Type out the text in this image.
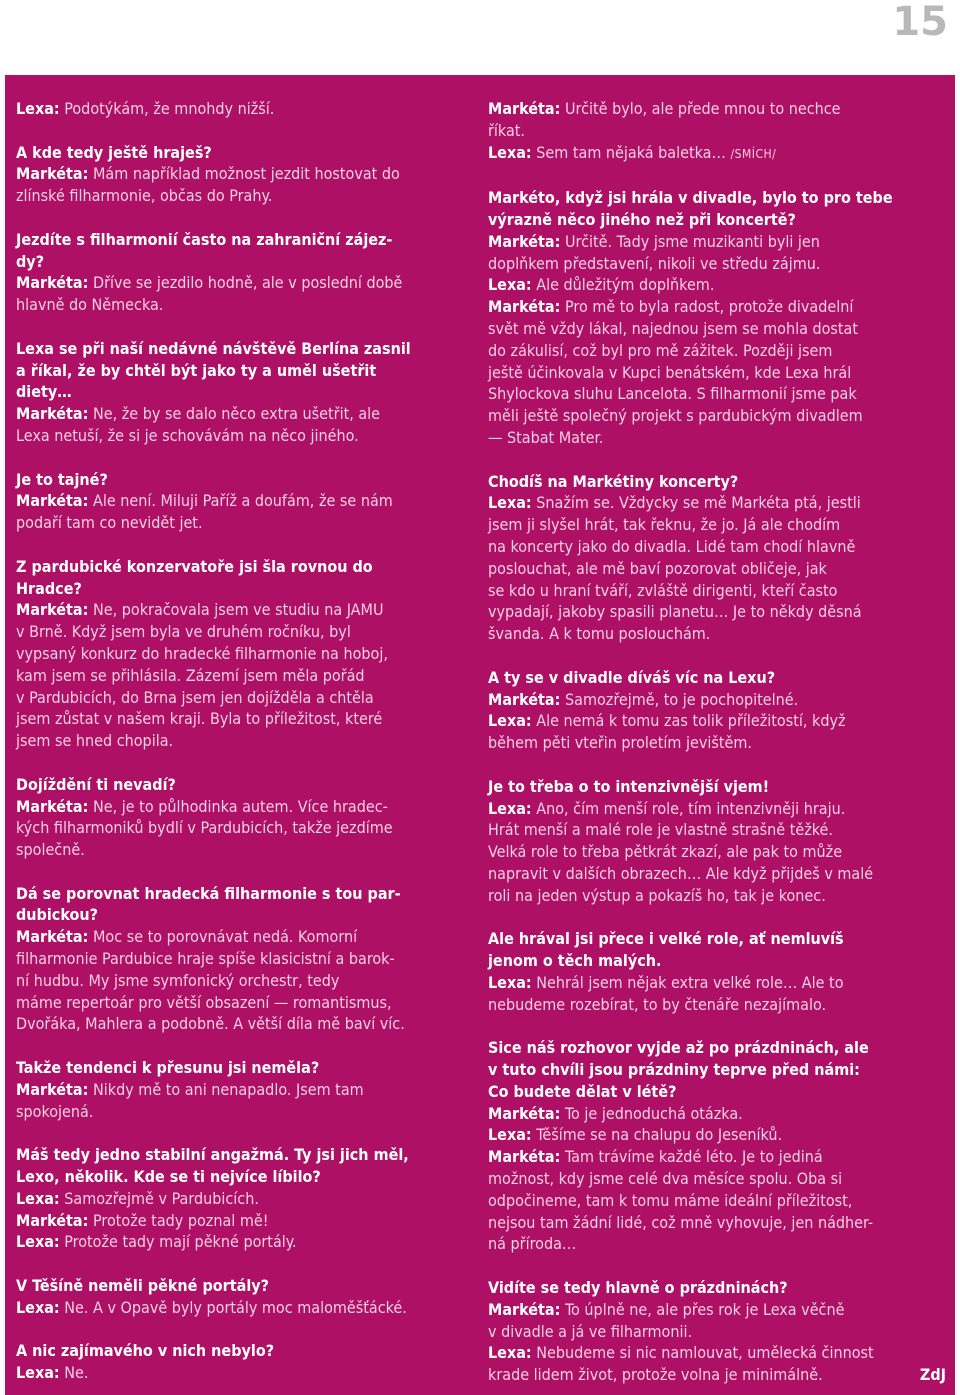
15
Lexa: Podotýkám, že mnohdy nižší.
A kde tedy ještě hraješ?
Markéta: Mám například možnost jezdit hostovat do
zlínské filharmonie, občas do Prahy.
Jezdíte s filharmonií často na zahraniční zájez-
dy?
Markéta: Dříve se jezdilo hodně, ale v poslední době
hlavně do Německa.
Lexa se při naší nedávné návštěvě Berlína zasnil
a říkal, že by chtěl být jako ty a uměl ušetřit
diety…
Markéta: Ne, že by se dalo něco extra ušetřit, ale
Lexa netuší, že si je schovávám na něco jiného.
Je to tajné?
Markéta: Ale není. Miluji Paříž a doufám, že se nám
podaří tam co nevidět jet.
Z pardubické konzervatoře jsi šla rovnou do
Hradce?
Markéta: Ne, pokračovala jsem ve studiu na JAMU
v Brně. Když jsem byla ve druhém ročníku, byl
vypsaný konkurz do hradecké filharmonie na hoboj,
kam jsem se přihlásila. Zázemí jsem měla pořád
v Pardubicích, do Brna jsem jen dojížděla a chtěla
jsem zůstat v našem kraji. Byla to příležitost, které
jsem se hned chopila.
Dojíždění ti nevadí?
Markéta: Ne, je to půlhodinka autem. Více hradec-
kých filharmoniků bydlí v Pardubicích, takže jezdíme
společně.
Dá se porovnat hradecká filharmonie s tou par-
dubickou?
Markéta: Moc se to porovnávat nedá. Komorní
filharmonie Pardubice hraje spíše klasicistní a barok-
ní hudbu. My jsme symfonický orchestr, tedy
máme repertoár pro větší obsazení — romantismus,
Dvořáka, Mahlera a podobně. A větší díla mě baví víc.
Takže tendenci k přesunu jsi neměla?
Markéta: Nikdy mě to ani nenapadlo. Jsem tam
spokojená.
Máš tedy jedno stabilní angažmá. Ty jsi jich měl,
Lexo, několik. Kde se ti nejvíce líbilo?
Lexa: Samozřejmě v Pardubicích.
Markéta: Protože tady poznal mě!
Lexa: Protože tady mají pěkné portály.
V Těšíně neměli pěkné portály?
Lexa: Ne. A v Opavě byly portály moc maloměšťácké.
A nic zajímavého v nich nebylo?
Lexa: Ne.
Markéta: Určitě bylo, ale přede mnou to nechce
říkat.
Lexa: Sem tam nějaká baletka… /SMÍCH/
Markéto, když jsi hrála v divadle, bylo to pro tebe
výrazně něco jiného než při koncertě?
Markéta: Určitě. Tady jsme muzikanti byli jen
doplňkem představení, nikoli ve středu zájmu.
Lexa: Ale důležitým doplňkem.
Markéta: Pro mě to byla radost, protože divadelní
svět mě vždy lákal, najednou jsem se mohla dostat
do zákulisí, což byl pro mě zážitek. Později jsem
ještě účinkovala v Kupci benátském, kde Lexa hrál
Shylockova sluhu Lancelota. S filharmonií jsme pak
měli ještě společný projekt s pardubickým divadlem
— Stabat Mater.
Chodíš na Markétiny koncerty?
Lexa: Snažím se. Vždycky se mě Markéta ptá, jestli
jsem ji slyšel hrát, tak řeknu, že jo. Já ale chodím
na koncerty jako do divadla. Lidé tam chodí hlavně
poslouchat, ale mě baví pozorovat obličeje, jak
se kdo u hraní tváří, zvláště dirigenti, kteří často
vypadají, jakoby spasili planetu… Je to někdy děsná
švanda. A k tomu poslouchám.
A ty se v divadle díváš víc na Lexu?
Markéta: Samozřejmě, to je pochopitelné.
Lexa: Ale nemá k tomu zas tolik příležitostí, když
během pěti vteřin proletím jevištěm.
Je to třeba o to intenzivnější vjem!
Lexa: Ano, čím menší role, tím intenzivněji hraju.
Hrát menší a malé role je vlastně strašně těžké.
Velká role to třeba pětkrát zkazí, ale pak to může
napravit v dalších obrazech… Ale když přijdeš v malé
roli na jeden výstup a pokazíš ho, tak je konec.
Ale hrával jsi přece i velké role, ať nemluvíš
jenom o těch malých.
Lexa: Nehrál jsem nějak extra velké role… Ale to
nebudeme rozebírat, to by čtenáře nezajímalo.
Sice náš rozhovor vyjde až po prázdninách, ale
v tuto chvíli jsou prázdniny teprve před námi:
Co budete dělat v létě?
Markéta: To je jednoduchá otázka.
Lexa: Těšíme se na chalupu do Jeseníků.
Markéta: Tam trávíme každé léto. Je to jediná
možnost, kdy jsme celé dva měsíce spolu. Oba si
odpočineme, tam k tomu máme ideální příležitost,
nejsou tam žádní lidé, což mně vyhovuje, jen nádher-
ná příroda…
Vidíte se tedy hlavně o prázdninách?
Markéta: To úplně ne, ale přes rok je Lexa věčně
v divadle a já ve filharmonii.
Lexa: Nebudeme si nic namlouvat, umělecká činnost
krade lidem život, protože volna je minimálně.	ZdJ
